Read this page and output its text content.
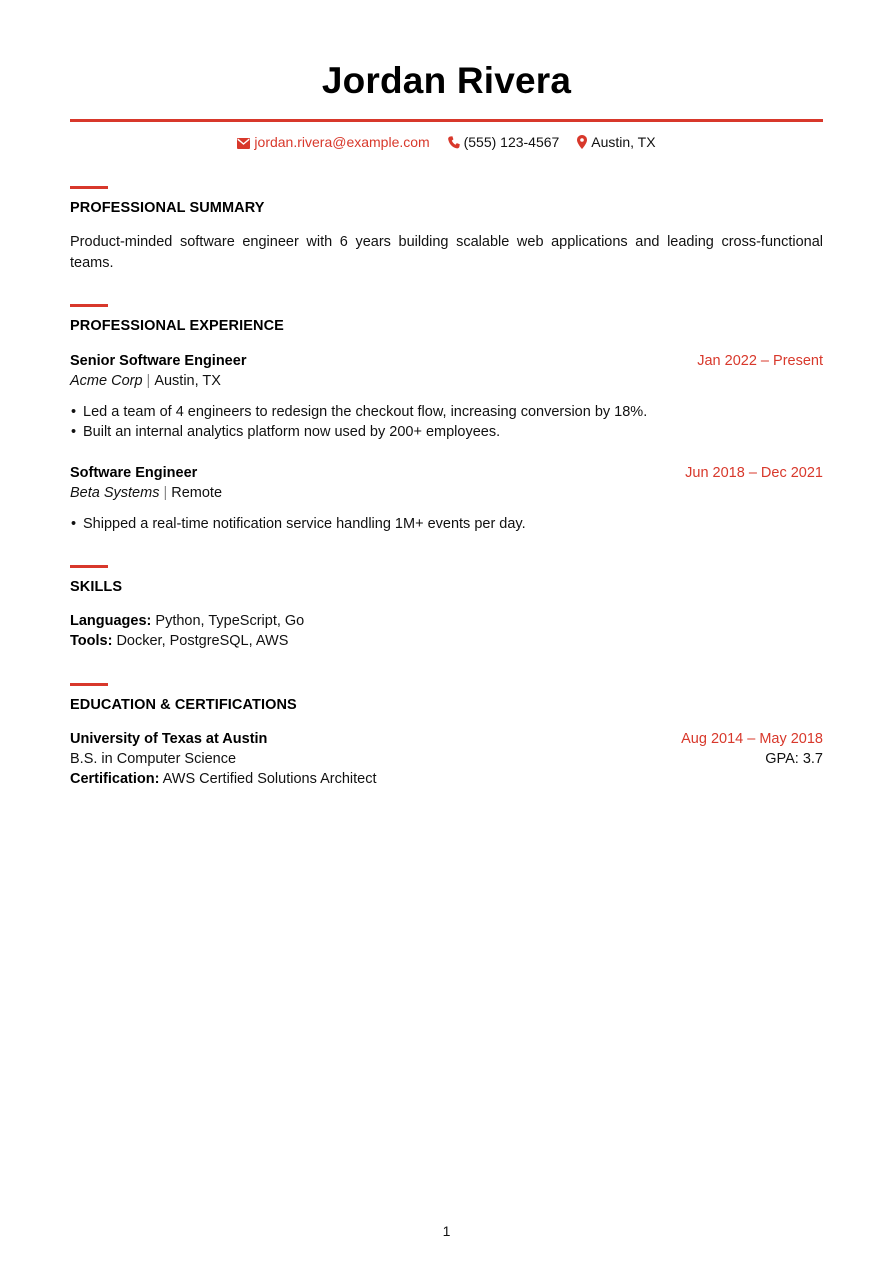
Jordan Rivera
jordan.rivera@example.com (555) 123-4567 Austin, TX
PROFESSIONAL SUMMARY
Product-minded software engineer with 6 years building scalable web applications and leading cross-functional teams.
PROFESSIONAL EXPERIENCE
Senior Software Engineer	Jan 2022 – Present
Acme Corp | Austin, TX
• Led a team of 4 engineers to redesign the checkout flow, increasing conversion by 18%.
• Built an internal analytics platform now used by 200+ employees.
Software Engineer	Jun 2018 – Dec 2021
Beta Systems | Remote
• Shipped a real-time notification service handling 1M+ events per day.
SKILLS
Languages: Python, TypeScript, Go
Tools: Docker, PostgreSQL, AWS
EDUCATION & CERTIFICATIONS
University of Texas at Austin	Aug 2014 – May 2018
B.S. in Computer Science	GPA: 3.7
Certification: AWS Certified Solutions Architect
1
